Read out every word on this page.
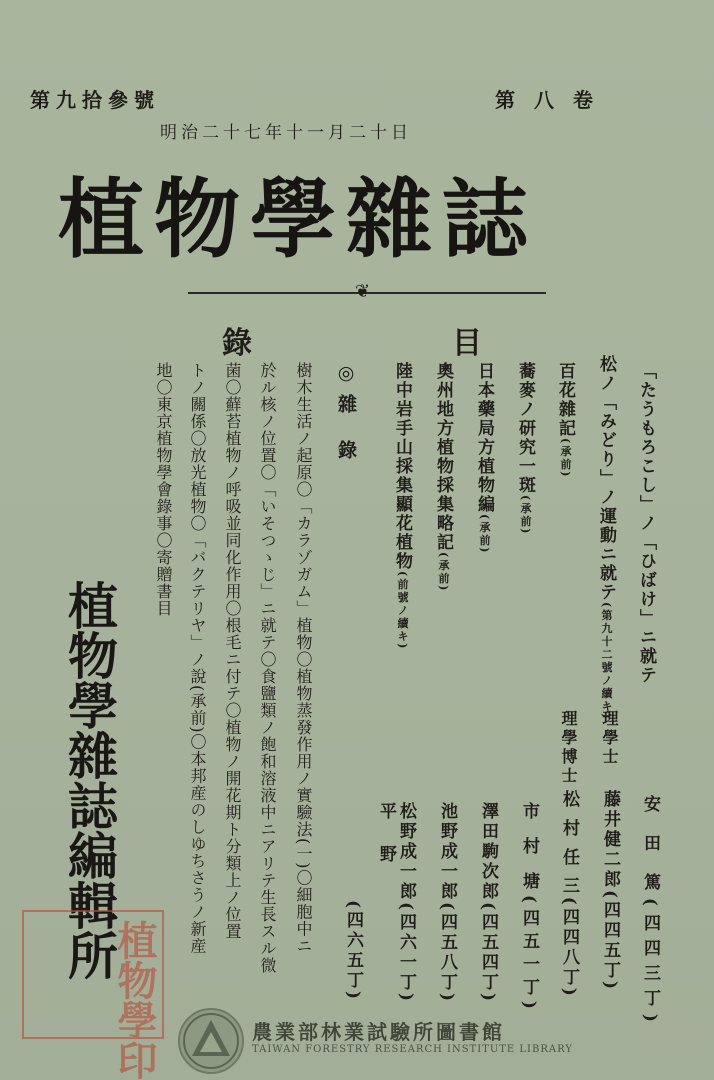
第九拾參號	第 八 卷
明治二十七年十一月二十日
植物學雜誌
❦
目
錄
「たうもろこし」ノ「ひばけ」ニ就テ
松ノ「みどり」ノ運動ニ就テ(第九十二號ノ續キ)
百花雜記(承前)
蕎麥ノ研究一斑(承前)
日本藥局方植物編(承前)
奧州地方植物採集略記(承前)
陸中岩手山採集顯花植物(前號ノ續キ)
◎雜 錄
樹木生活ノ起原〇「カラゾガム」植物〇植物蒸發作用ノ實驗法(一)〇細胞中ニ
於ル核ノ位置〇「いそつゝじ」ニ就テ〇食鹽類ノ飽和溶液中ニアリテ生長スル微
菌〇蘚苔植物ノ呼吸並同化作用〇根毛ニ付テ〇植物ノ開花期ト分類上ノ位置
トノ關係〇放光植物〇「バクテリヤ」ノ說(承前)〇本邦産のしゆちさうノ新産
地〇東京植物學會錄事〇寄贈書目
安 田 篤(四四三丁)
理學士
藤井健二郎(四四五丁)
理學博士
松 村 任 三(四四八丁)
市 村 塘(四五一丁)
澤田駒次郎(四五四丁)
池野成一郎(四五八丁)
松野成一郎(四六一丁)
平 野
(四六五丁)
植物學雜誌編輯所
植物學印	農業部林業試驗所圖書館
TAIWAN FORESTRY RESEARCH INSTITUTE LIBRARY
